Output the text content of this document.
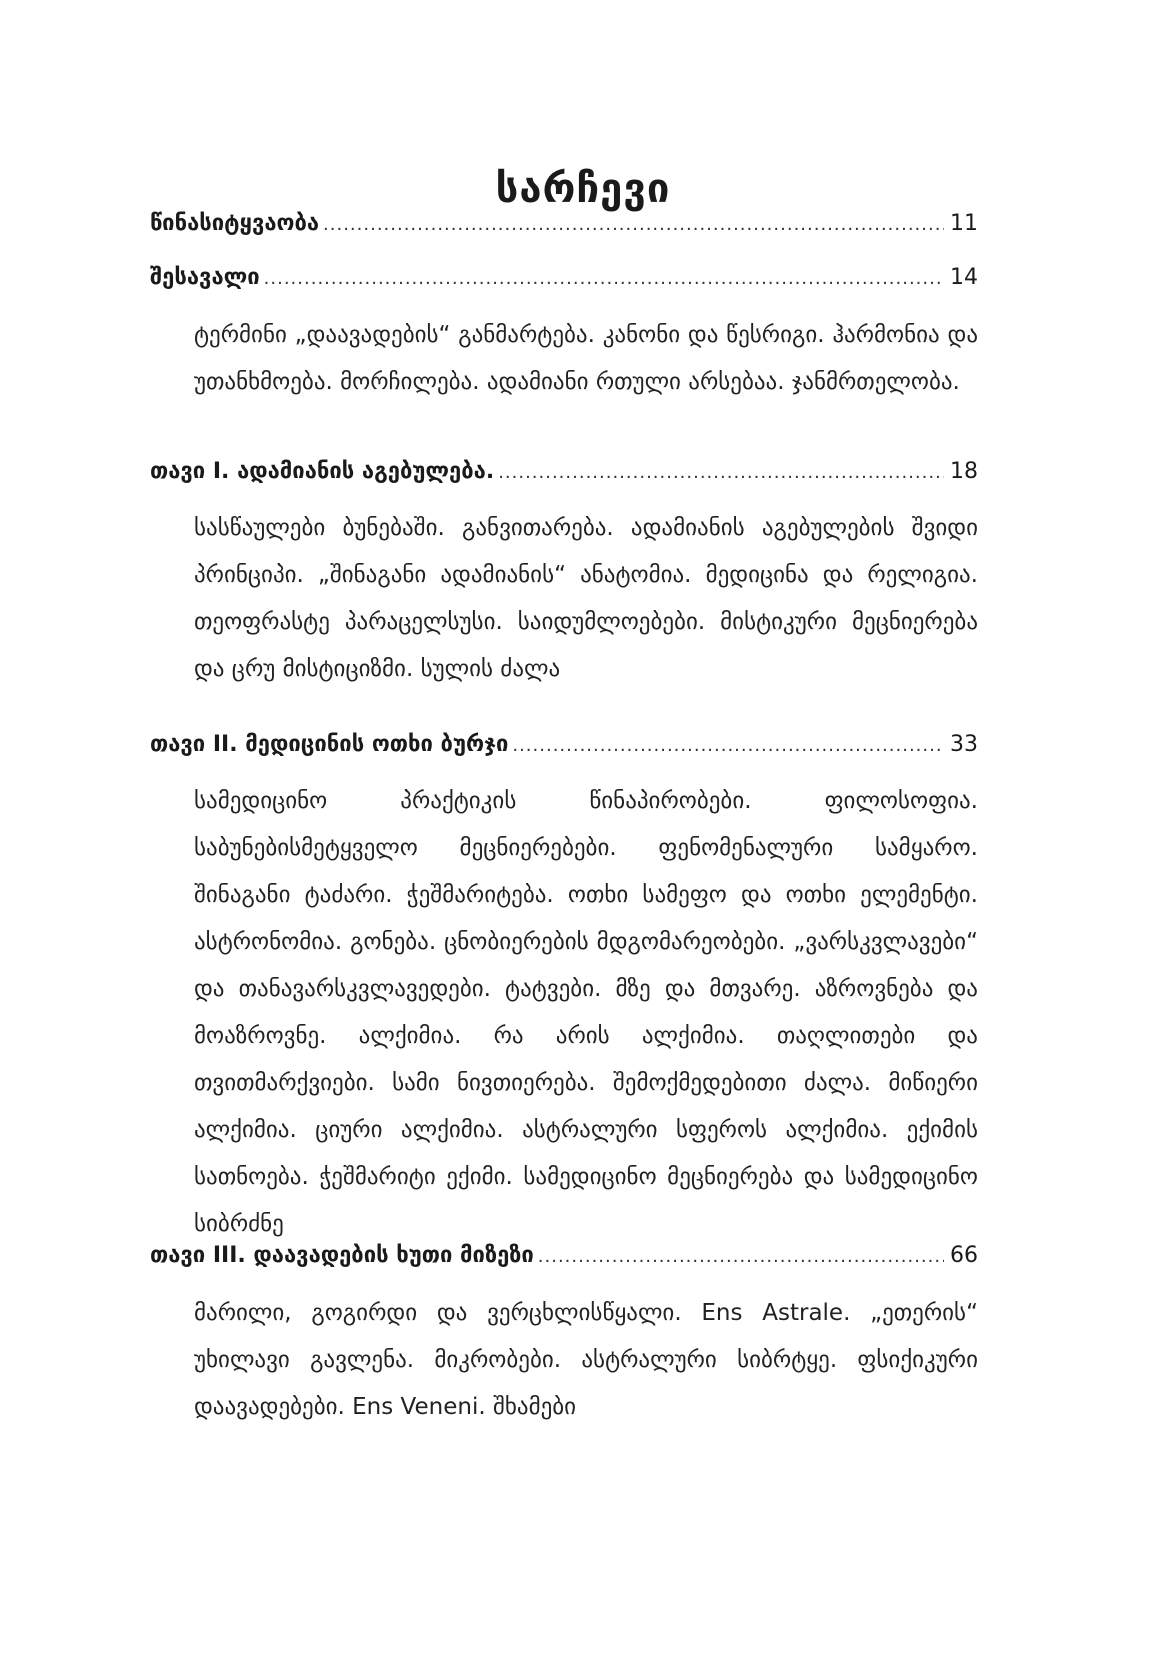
სარჩევი
წინასიტყვაობა .....	11
შესავალი .....	14
ტერმინი „დაავადების“ განმარტება. კანონი და წესრიგი. ჰარმონია და უთანხმოება. მორჩილება. ადამიანი რთული არსებაა. ჯანმრთელობა.
თავი I. ადამიანის აგებულება. .....	18
სასწაულები ბუნებაში. განვითარება. ადამიანის აგებულების შვიდი პრინციპი. „შინაგანი ადამიანის“ ანატომია. მედიცინა და რელიგია. თეოფრასტე პარაცელსუსი. საიდუმლოებები. მისტიკური მეცნიერება და ცრუ მისტიციზმი. სულის ძალა
თავი II. მედიცინის ოთხი ბურჯი .....	33
სამედიცინო პრაქტიკის წინაპირობები. ფილოსოფია. საბუნებისმეტყველო მეცნიერებები. ფენომენალური სამყარო. შინაგანი ტაძარი. ჭეშმარიტება. ოთხი სამეფო და ოთხი ელემენტი. ასტრონომია. გონება. ცნობიერების მდგომარეობები. „ვარსკვლავები“ და თანავარსკვლავედები. ტატვები. მზე და მთვარე. აზროვნება და მოაზროვნე. ალქიმია. რა არის ალქიმია. თაღლითები და თვითმარქვიები. სამი ნივთიერება. შემოქმედებითი ძალა. მიწიერი ალქიმია. ციური ალქიმია. ასტრალური სფეროს ალქიმია. ექიმის სათნოება. ჭეშმარიტი ექიმი. სამედიცინო მეცნიერება და სამედიცინო სიბრძნე
თავი III. დაავადების ხუთი მიზეზი .....	66
მარილი, გოგირდი და ვერცხლისწყალი. Ens Astrale. „ეთერის“ უხილავი გავლენა. მიკრობები. ასტრალური სიბრტყე. ფსიქიკური დაავადებები. Ens Veneni. შხამები
